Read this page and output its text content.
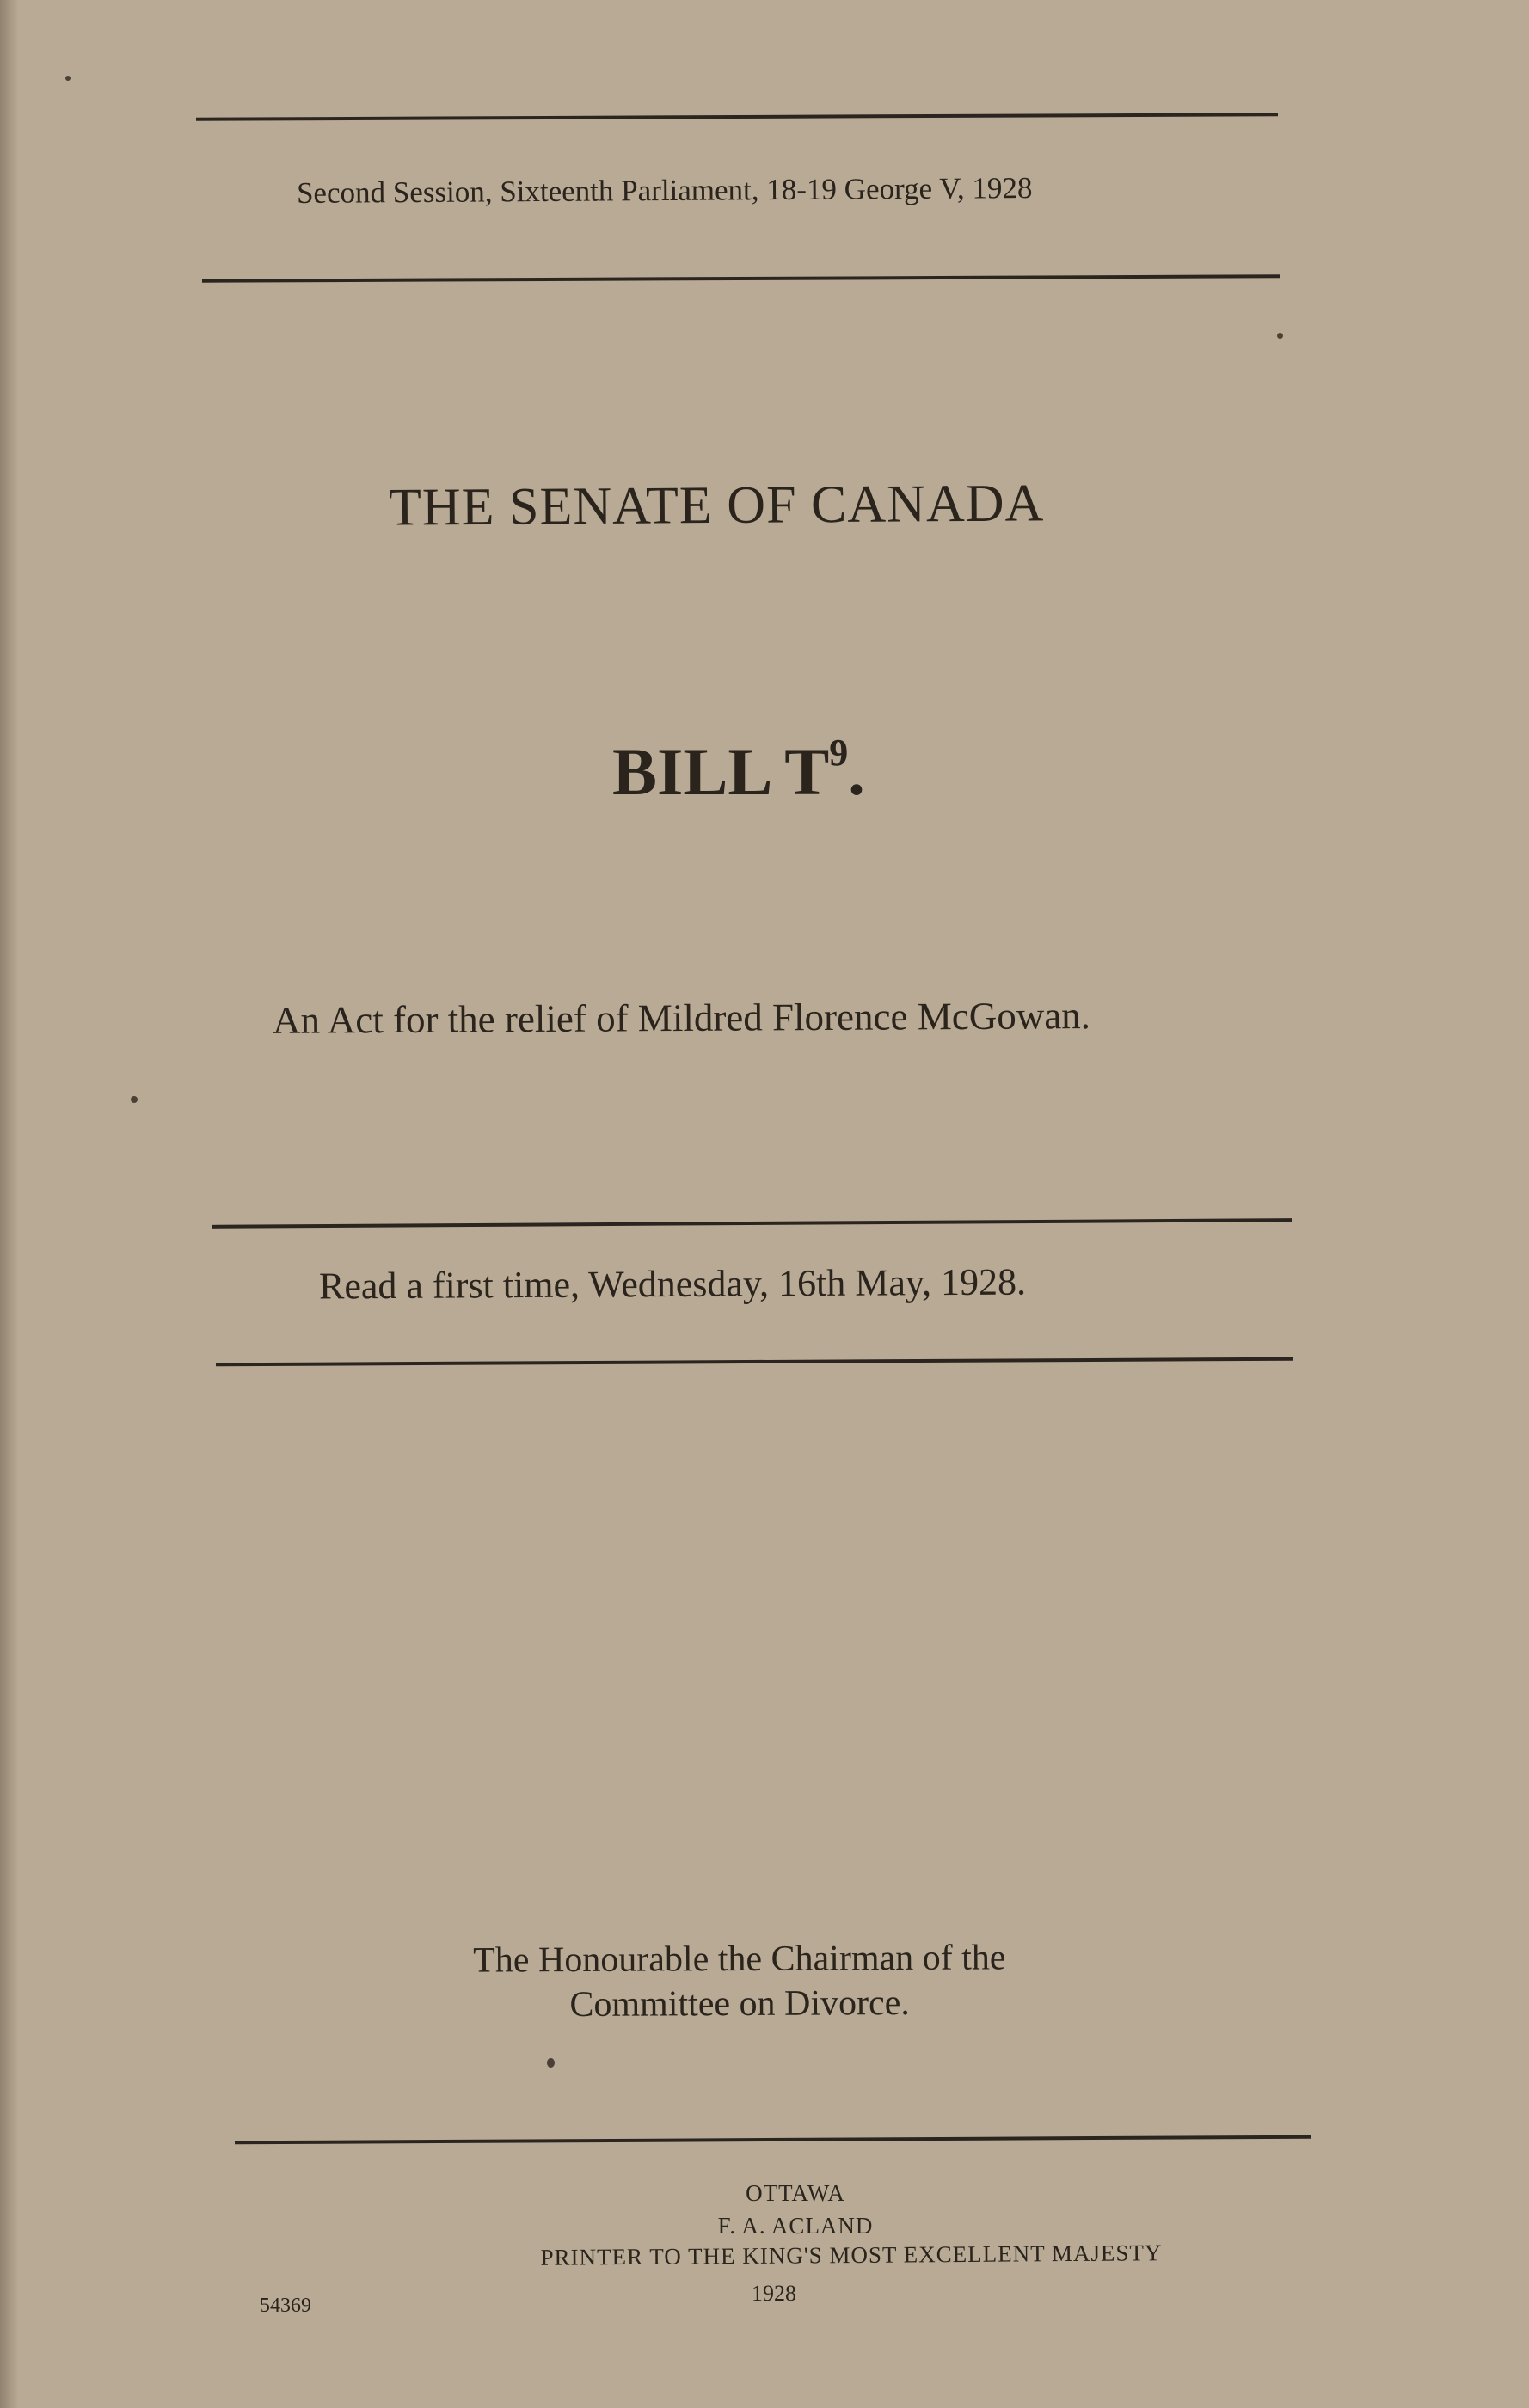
Second Session, Sixteenth Parliament, 18-19 George V, 1928
THE SENATE OF CANADA
BILL $T^9$.
An Act for the relief of Mildred Florence McGowan.
Read a first time, Wednesday, 16th May, 1928.
The Honourable the Chairman of the
Committee on Divorce.
OTTAWA
F. A. ACLAND
PRINTER TO THE KING'S MOST EXCELLENT MAJESTY
1928
54369
